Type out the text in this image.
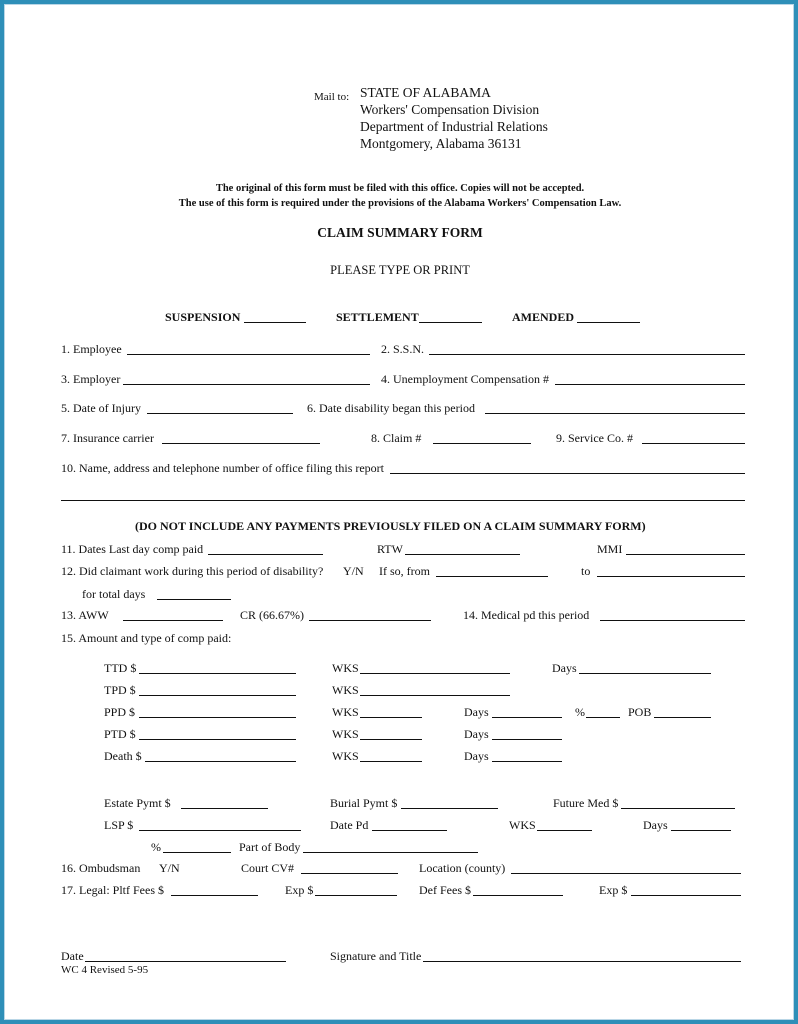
Mail to: STATE OF ALABAMA
Workers' Compensation Division
Department of Industrial Relations
Montgomery, Alabama 36131
The original of this form must be filed with this office. Copies will not be accepted.
The use of this form is required under the provisions of the Alabama Workers' Compensation Law.
CLAIM SUMMARY FORM
PLEASE TYPE OR PRINT
SUSPENSION	SETTLEMENT	AMENDED
1. Employee	2. S.S.N.
3. Employer	4. Unemployment Compensation #
5. Date of Injury	6. Date disability began this period
7. Insurance carrier	8. Claim #	9. Service Co. #
10. Name, address and telephone number of office filing this report
(DO NOT INCLUDE ANY PAYMENTS PREVIOUSLY FILED ON A CLAIM SUMMARY FORM)
11. Dates Last day comp paid	RTW	MMI
12. Did claimant work during this period of disability? Y/N If so, from	to
for total days
13. AWW	CR (66.67%)	14. Medical pd this period
15. Amount and type of comp paid:
TTD $	WKS	Days
TPD $	WKS
PPD $	WKS	Days	%	POB
PTD $	WKS	Days
Death $	WKS	Days
Estate Pymt $	Burial Pymt $	Future Med $
LSP $	Date Pd	WKS	Days
%	Part of Body
16. Ombudsman Y/N	Court CV#	Location (county)
17. Legal: Pltf Fees $	Exp $	Def Fees $	Exp $
Date	Signature and Title
WC 4 Revised 5-95
